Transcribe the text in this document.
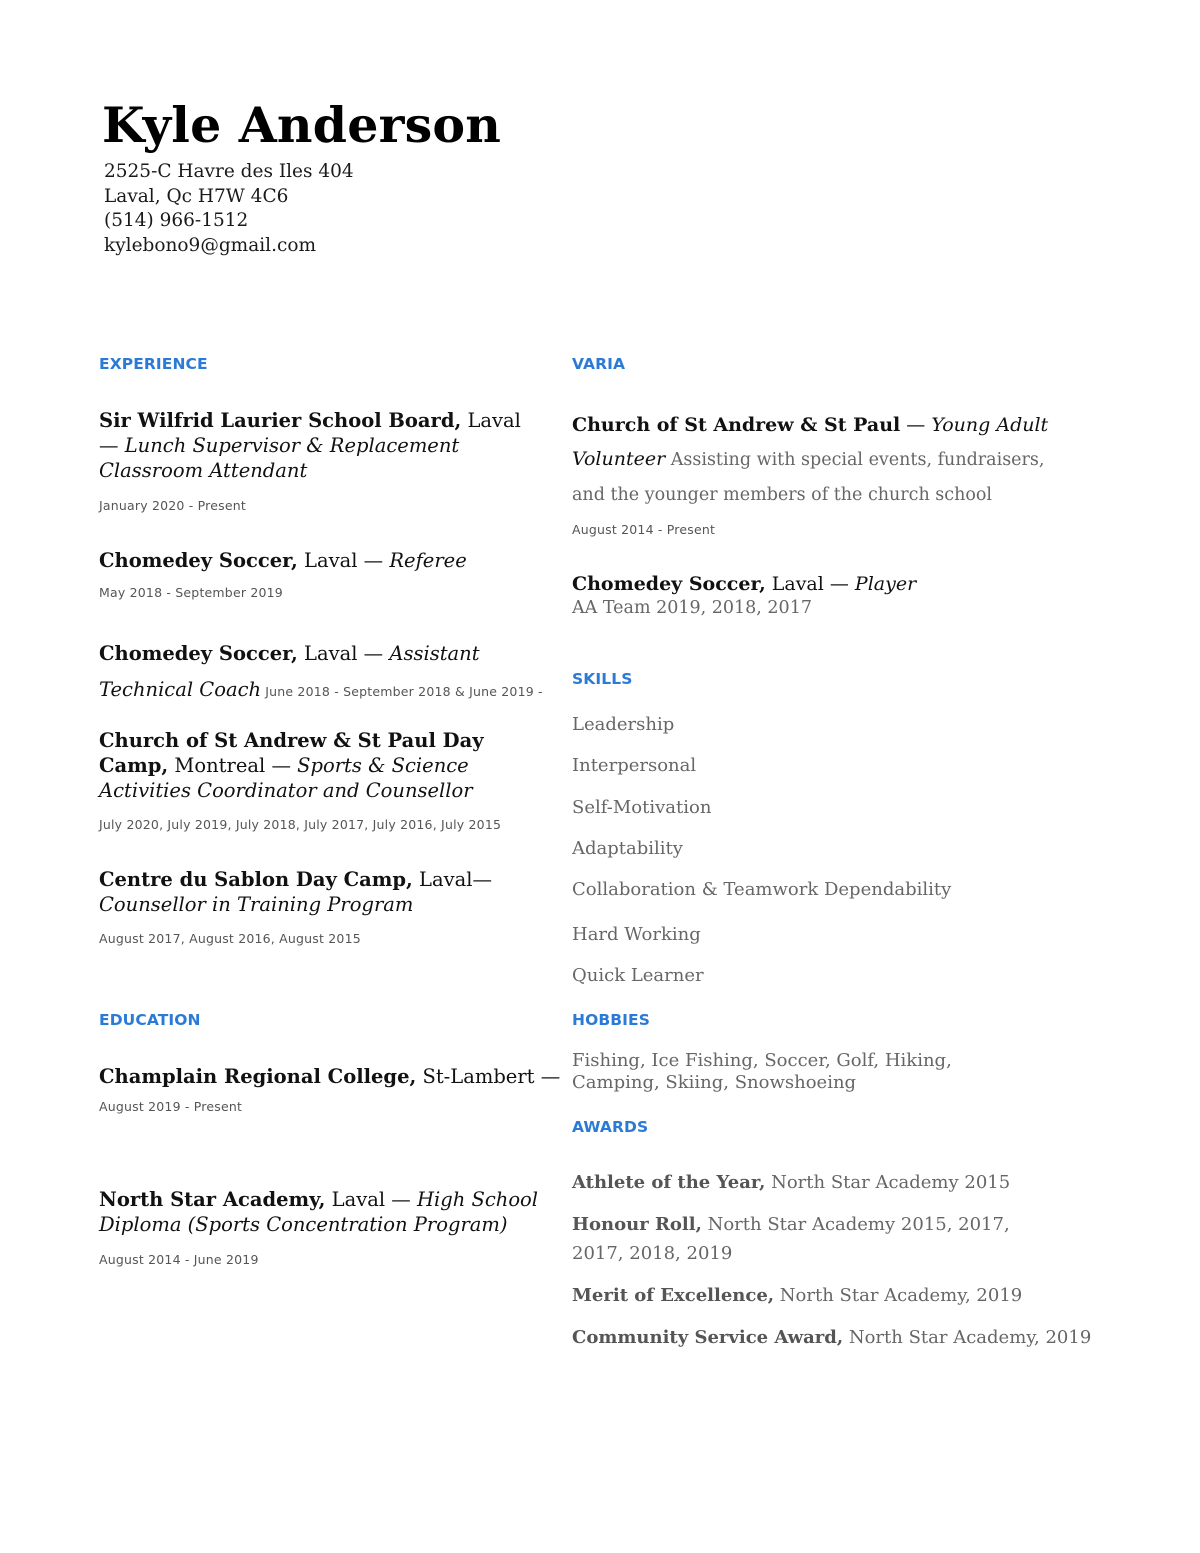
Kyle Anderson
2525-C Havre des Iles 404
Laval, Qc H7W 4C6
(514) 966-1512
kylebono9@gmail.com
EXPERIENCE
Sir Wilfrid Laurier School Board, Laval — Lunch Supervisor & Replacement Classroom Attendant
January 2020 - Present
Chomedey Soccer, Laval — Referee
May 2018 - September 2019
Chomedey Soccer, Laval — Assistant Technical Coach June 2018 - September 2018 & June 2019 -
Church of St Andrew & St Paul Day Camp, Montreal — Sports & Science Activities Coordinator and Counsellor
July 2020, July 2019, July 2018, July 2017, July 2016, July 2015
Centre du Sablon Day Camp, Laval— Counsellor in Training Program
August 2017, August 2016, August 2015
EDUCATION
Champlain Regional College, St-Lambert —
August 2019 - Present
North Star Academy, Laval — High School Diploma (Sports Concentration Program)
August 2014 - June 2019
VARIA
Church of St Andrew & St Paul — Young Adult Volunteer Assisting with special events, fundraisers, and the younger members of the church school
August 2014 - Present
Chomedey Soccer, Laval — Player
AA Team 2019, 2018, 2017
SKILLS
Leadership
Interpersonal
Self-Motivation
Adaptability
Collaboration & Teamwork Dependability
Hard Working
Quick Learner
HOBBIES
Fishing, Ice Fishing, Soccer, Golf, Hiking, Camping, Skiing, Snowshoeing
AWARDS
Athlete of the Year, North Star Academy 2015
Honour Roll, North Star Academy 2015, 2017, 2017, 2018, 2019
Merit of Excellence, North Star Academy, 2019
Community Service Award, North Star Academy, 2019
